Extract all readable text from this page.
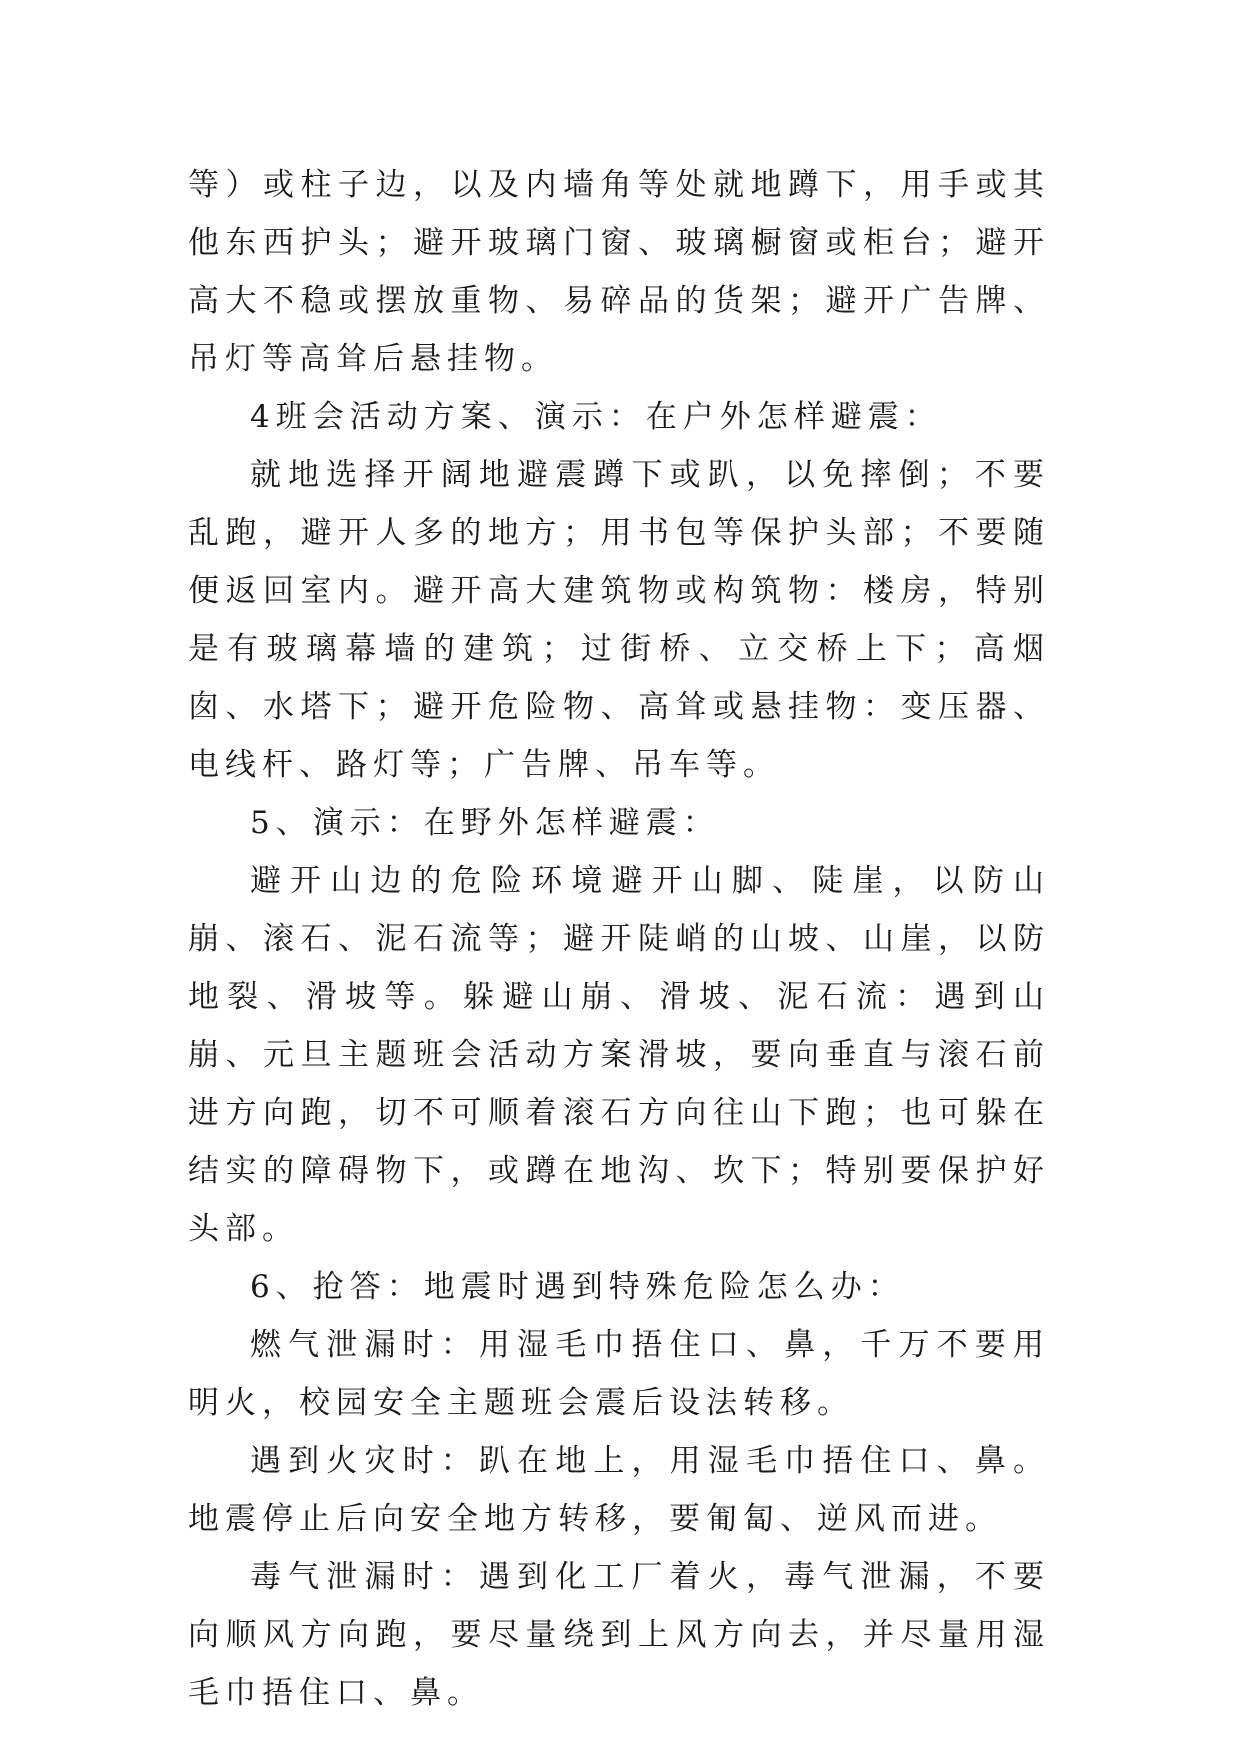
等）或柱子边，以及内墙角等处就地蹲下，用手或其他东西护头；避开玻璃门窗、玻璃橱窗或柜台；避开高大不稳或摆放重物、易碎品的货架；避开广告牌、吊灯等高耸后悬挂物。

4班会活动方案、演示：在户外怎样避震：

就地选择开阔地避震蹲下或趴，以免摔倒；不要乱跑，避开人多的地方；用书包等保护头部；不要随便返回室内。避开高大建筑物或构筑物：楼房，特别是有玻璃幕墙的建筑；过街桥、立交桥上下；高烟囱、水塔下；避开危险物、高耸或悬挂物：变压器、电线杆、路灯等；广告牌、吊车等。

5、演示：在野外怎样避震：

避开山边的危险环境避开山脚、陡崖，以防山崩、滚石、泥石流等；避开陡峭的山坡、山崖，以防地裂、滑坡等。躲避山崩、滑坡、泥石流：遇到山崩、元旦主题班会活动方案滑坡，要向垂直与滚石前进方向跑，切不可顺着滚石方向往山下跑；也可躲在结实的障碍物下，或蹲在地沟、坎下；特别要保护好头部。

6、抢答：地震时遇到特殊危险怎么办：

燃气泄漏时：用湿毛巾捂住口、鼻，千万不要用明火，校园安全主题班会震后设法转移。

遇到火灾时：趴在地上，用湿毛巾捂住口、鼻。地震停止后向安全地方转移，要匍匐、逆风而进。

毒气泄漏时：遇到化工厂着火，毒气泄漏，不要向顺风方向跑，要尽量绕到上风方向去，并尽量用湿毛巾捂住口、鼻。
